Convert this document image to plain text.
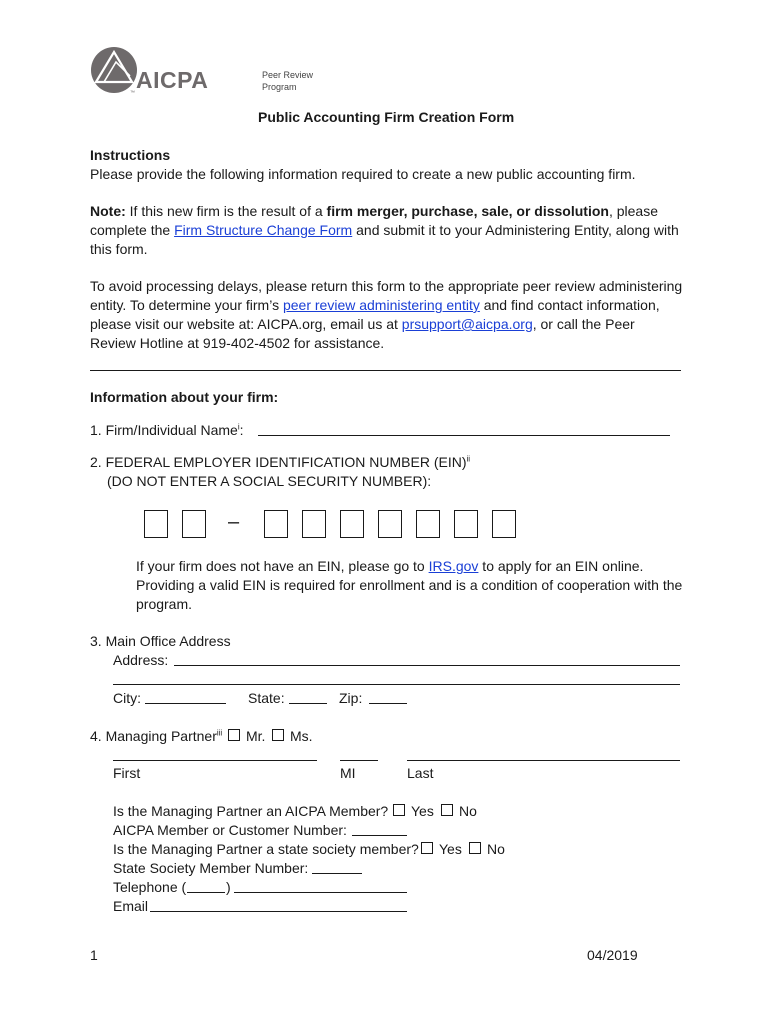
AICPA
™
Peer Review
Program
Public Accounting Firm Creation Form
Instructions
Please provide the following information required to create a new public accounting firm.
Note: If this new firm is the result of a firm merger, purchase, sale, or dissolution, please
complete the Firm Structure Change Form and submit it to your Administering Entity, along with
this form.
To avoid processing delays, please return this form to the appropriate peer review administering
entity. To determine your firm’s peer review administering entity and find contact information,
please visit our website at: AICPA.org, email us at prsupport@aicpa.org, or call the Peer
Review Hotline at 919-402-4502 for assistance.
Information about your firm:
1. Firm/Individual Name$^i$:
2. FEDERAL EMPLOYER IDENTIFICATION NUMBER (EIN)$^{ii}$
(DO NOT ENTER A SOCIAL SECURITY NUMBER):
–
If your firm does not have an EIN, please go to IRS.gov to apply for an EIN online.
Providing a valid EIN is required for enrollment and is a condition of cooperation with the
program.
3. Main Office Address
Address:
City:	State:	Zip:
4. Managing Partner$^{iii}$ Mr. Ms.
First	MI	Last
Is the Managing Partner an AICPA Member? Yes No
AICPA Member or Customer Number:
Is the Managing Partner a state society member? Yes No
State Society Member Number:
Telephone (	)
Email
1	04/2019
